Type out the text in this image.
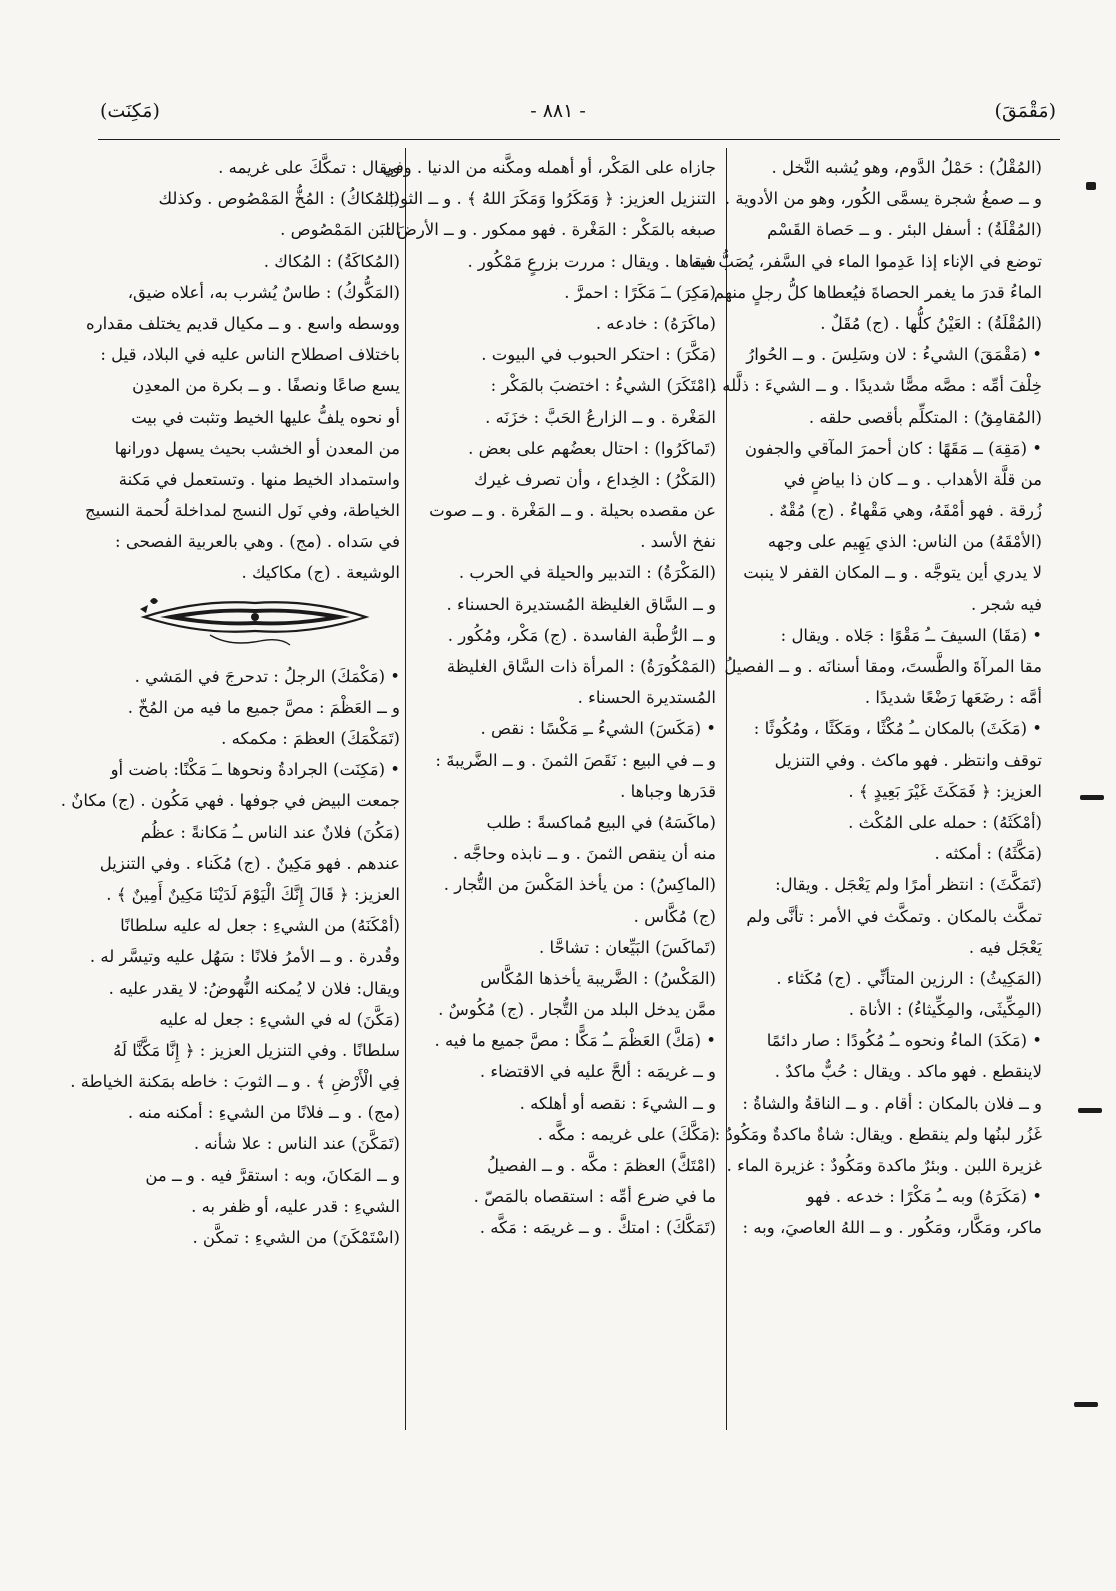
(مَقْمَقَ)
- ٨٨١ -
(مَكِنَت)
(المُقْلُ) : حَمْلُ الدَّوم، وهو يُشبه النَّخل .
و ــ صمغُ شجرة يسمَّى الكُور، وهو من الأدوية .
(المُقْلَةُ) : أسفل البئر . و ــ حَصاة القَسْم
توضع في الإناء إذا عَدِموا الماء في السَّفر، يُصَبُّ فيه
الماءُ قدرَ ما يغمر الحصاةَ فيُعطاها كلُّ رجلٍ منهم .
(المُقْلَةُ) : العَيْنُ كلُّها . (ج) مُقَلٌ .
• (مَقْمَقَ) الشيءُ : لان وسَلِسَ . و ــ الحُوارُ
خِلْفَ أمِّه : مصَّه مصًّا شديدًا . و ــ الشيءَ : ذلَّله .
(المُقامِقُ) : المتكلِّم بأقصى حلقه .
• (مَقِهَ) ــ مَقَهًا : كان أحمرَ المآقي والجفون
من قلَّة الأهداب . و ــ كان ذا بياضٍ في
زُرقة . فهو أمْقَهُ، وهي مَقْهاءُ . (ج) مُقْهٌ .
(الأمْقَهُ) من الناس: الذي يَهِيم على وجهه
لا يدري أين يتوجَّه . و ــ المكان القفر لا ينبت
فيه شجر .
• (مَقَا) السيفَ ــُ مَقْوًا : جَلاه . ويقال :
مقا المرآةَ والطَّستَ، ومقا أسنانَه . و ــ الفصيلُ
أمَّه : رضَعَها رَضْعًا شديدًا .
• (مَكَثَ) بالمكان ــُ مُكْثًا ، ومَكَثًا ، ومُكُوثًا :
توقف وانتظر . فهو ماكث . وفي التنزيل
العزيز: ﴿ فَمَكَثَ غَيْرَ بَعِيدٍ ﴾ .
(أمْكَثَهُ) : حمله على المُكْث .
(مَكَّثَهُ) : أمكثه .
(تَمَكَّثَ) : انتظر أمرًا ولم يَعْجَل . ويقال:
تمكَّث بالمكان . وتمكَّث في الأمر : تأنَّى ولم
يَعْجَل فيه .
(المَكِيثُ) : الرزين المتأنِّي . (ج) مُكَثاء .
(المِكِّيثَى، والمِكِّيثاءُ) : الأناة .
• (مَكَدَ) الماءُ ونحوه ــُ مُكُودًا : صار دائمًا
لاينقطع . فهو ماكد . ويقال : حُبٌّ ماكدٌ .
و ــ فلان بالمكان : أقام . و ــ الناقةُ والشاةُ :
غَزُر لبنُها ولم ينقطع . ويقال: شاةٌ ماكدةٌ ومَكُودٌ :
غزيرة اللبن . وبئرٌ ماكدة ومَكُودٌ : غزيرة الماء .
• (مَكَرَهُ) وبه ــُ مَكْرًا : خدعه . فهو
ماكر، ومَكَّار، ومَكُور . و ــ اللهُ العاصيَ، وبه :
جازاه على المَكْر، أو أهمله ومكَّنه من الدنيا . وفي
التنزيل العزيز: ﴿ وَمَكَرُوا وَمَكَرَ اللهُ ﴾ . و ــ الثوبَ:
صبغه بالمَكْر : المَغْرة . فهو ممكور . و ــ الأرضَ :
سقاها . ويقال : مررت بزرعٍ مَمْكُور .
(مَكِرَ) ــَ مَكَرًا : احمرَّ .
(ماكَرَهُ) : خادعه .
(مَكَّرَ) : احتكر الحبوب في البيوت .
(امْتَكَرَ) الشيءُ : اختضبَ بالمَكْر :
المَغْرة . و ــ الزارعُ الحَبَّ : خزَنَه .
(تَماكَرُوا) : احتال بعضُهم على بعض .
(المَكْرُ) : الخِداع ، وأن تصرف غيرك
عن مقصده بحيلة . و ــ المَغْرة . و ــ صوت
نفخ الأسد .
(المَكْرَةُ) : التدبير والحيلة في الحرب .
و ــ السَّاق الغليظة المُستديرة الحسناء .
و ــ الرُّطْبة الفاسدة . (ج) مَكْر، ومُكُور .
(المَمْكُورَةُ) : المرأة ذات السَّاق الغليظة
المُستديرة الحسناء .
• (مَكَسَ) الشيءُ ــِ مَكْسًا : نقص .
و ــ في البيع : نَقَصَ الثمنَ . و ــ الضَّريبةَ :
قدَرها وجباها .
(ماكَسَهُ) في البيع مُماكسةً : طلب
منه أن ينقص الثمنَ . و ــ نابذه وحاجَّه .
(الماكِسُ) : من يأخذ المَكْسَ من التُّجار .
(ج) مُكَّاس .
(تَماكَسَ) البَيِّعان : تشاحَّا .
(المَكْسُ) : الضَّريبة يأخذها المُكَّاس
ممَّن يدخل البلد من التُّجار . (ج) مُكُوسٌ .
• (مَكَّ) العَظْمَ ــُ مَكًّا : مصَّ جميع ما فيه .
و ــ غريمَه : ألحَّ عليه في الاقتضاء .
و ــ الشيءَ : نقصه أو أهلكه .
(مَكَّكَ) على غريمه : مكَّه .
(امْتَكَّ) العظمَ : مكَّه . و ــ الفصيلُ
ما في ضرع أمِّه : استقصاه بالمَصّ .
(تَمَكَّكَ) : امتكَّ . و ــ غريمَه : مَكَّه .
ويقال : تمكَّكَ على غريمه .
(المُكاكُ) : المُخُّ المَمْصُوص . وكذلك
اللبَن المَمْصُوص .
(المُكاكَةُ) : المُكاك .
(المَكُّوكُ) : طاسٌ يُشرب به، أعلاه ضيق،
ووسطه واسع . و ــ مكيال قديم يختلف مقداره
باختلاف اصطلاح الناس عليه في البلاد، قيل :
يسع صاعًا ونصفًا . و ــ بكرة من المعدِن
أو نحوه يلفُّ عليها الخيط وتثبت في بيت
من المعدن أو الخشب بحيث يسهل دورانها
واستمداد الخيط منها . وتستعمل في مَكنة
الخياطة، وفي نَول النسج لمداخلة لُحمة النسيج
في سَداه . (مج) . وهي بالعربية الفصحى :
الوشيعة . (ج) مكاكيك .
• (مَكْمَكَ) الرجلُ : تدحرجَ في المَشي .
و ــ العَظْمَ : مصَّ جميع ما فيه من المُخّ .
(تَمَكْمَكَ) العظمَ : مكمكه .
• (مَكِنَت) الجرادةُ ونحوها ــَ مَكْنًا: باضت أو
جمعت البيض في جوفها . فهي مَكُون . (ج) مكانٌ .
(مَكُنَ) فلانٌ عند الناس ــُ مَكانةً : عظُم
عندهم . فهو مَكِينٌ . (ج) مُكَناء . وفي التنزيل
العزيز: ﴿ قَالَ إِنَّكَ الْيَوْمَ لَدَيْنَا مَكِينٌ أَمِينٌ ﴾ .
(أمْكَنَهُ) من الشيءِ : جعل له عليه سلطانًا
وقُدرة . و ــ الأمرُ فلانًا : سَهُل عليه وتيسَّر له .
ويقال: فلان لا يُمكنه النُّهوضُ: لا يقدر عليه .
(مَكَّنَ) له في الشيءِ : جعل له عليه
سلطانًا . وفي التنزيل العزيز : ﴿ إِنَّا مَكَّنَّا لَهُ
فِي الْأَرْضِ ﴾ . و ــ الثوبَ : خاطه بمَكنة الخياطة .
(مج) . و ــ فلانًا من الشيءِ : أمكنه منه .
(تَمَكَّنَ) عند الناس : علا شأنه .
و ــ المَكانَ، وبه : استقرَّ فيه . و ــ من
الشيءِ : قدر عليه، أو ظفر به .
(اسْتَمْكَنَ) من الشيءِ : تمكَّن .
